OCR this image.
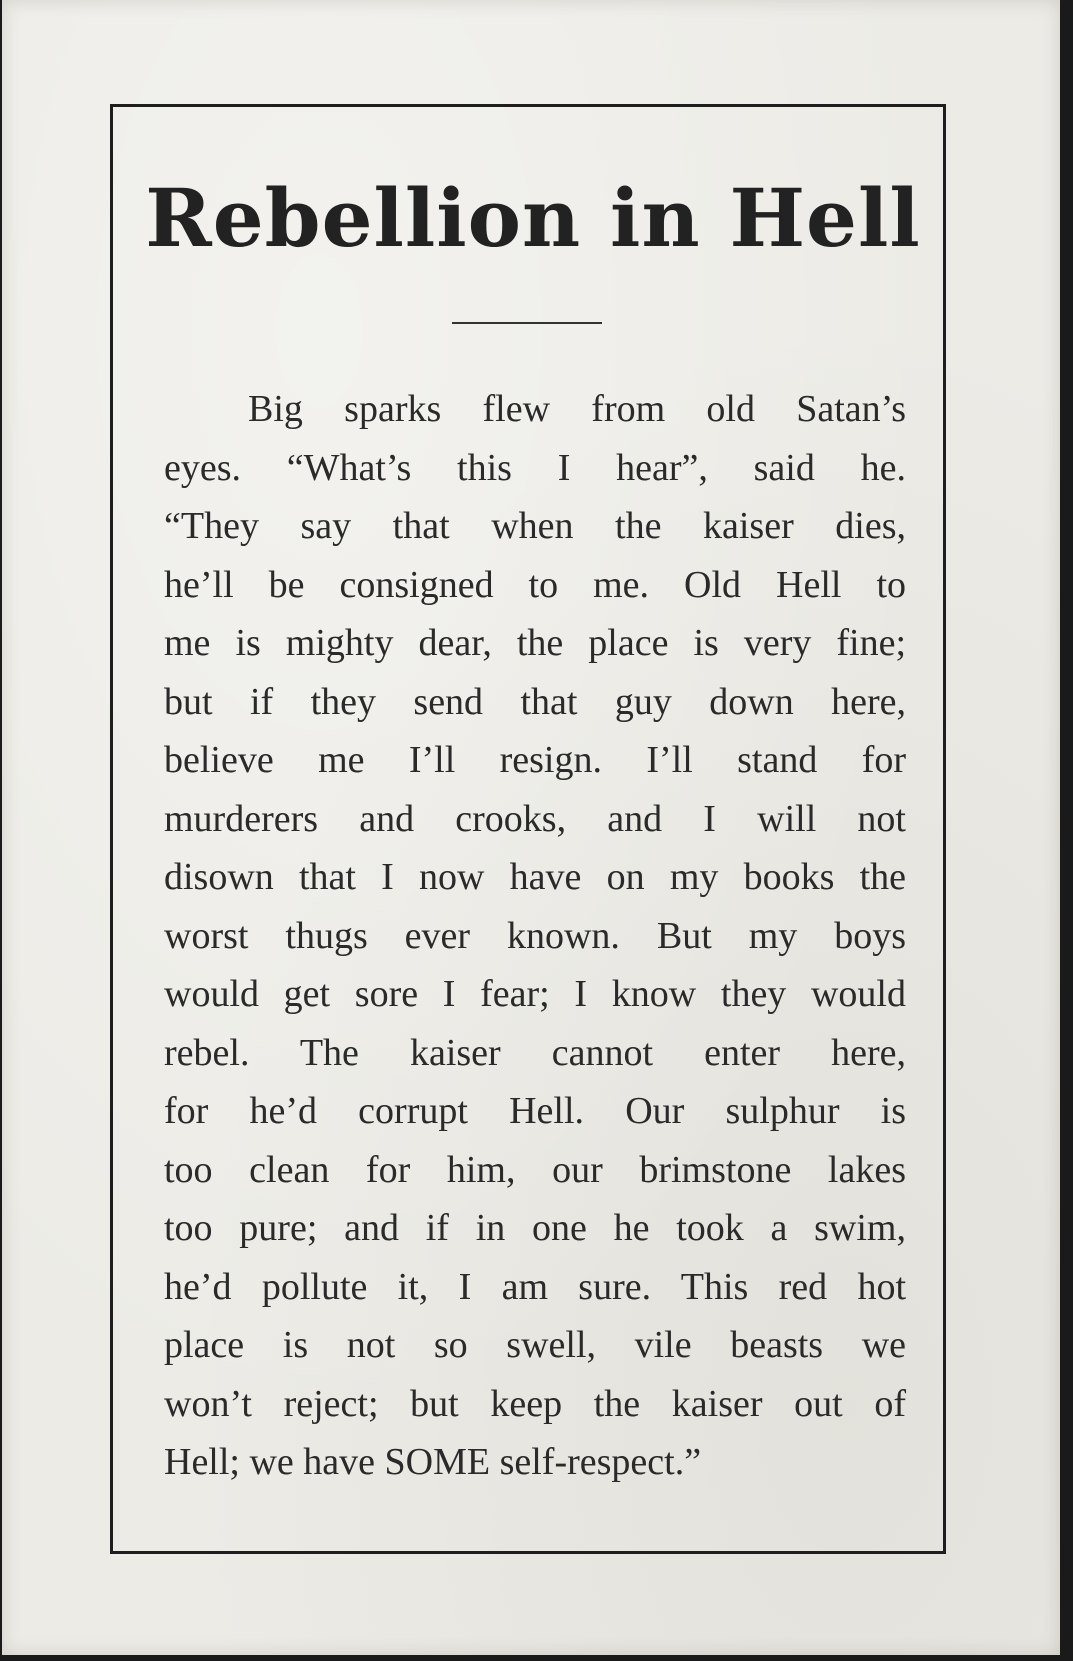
Rebellion in Hell
Big sparks flew from old Satan’s
eyes. “What’s this I hear”, said he.
“They say that when the kaiser dies,
he’ll be consigned to me. Old Hell to
me is mighty dear, the place is very fine;
but if they send that guy down here,
believe me I’ll resign. I’ll stand for
murderers and crooks, and I will not
disown that I now have on my books the
worst thugs ever known. But my boys
would get sore I fear; I know they would
rebel. The kaiser cannot enter here,
for he’d corrupt Hell. Our sulphur is
too clean for him, our brimstone lakes
too pure; and if in one he took a swim,
he’d pollute it, I am sure. This red hot
place is not so swell, vile beasts we
won’t reject; but keep the kaiser out of
Hell; we have SOME self-respect.”
